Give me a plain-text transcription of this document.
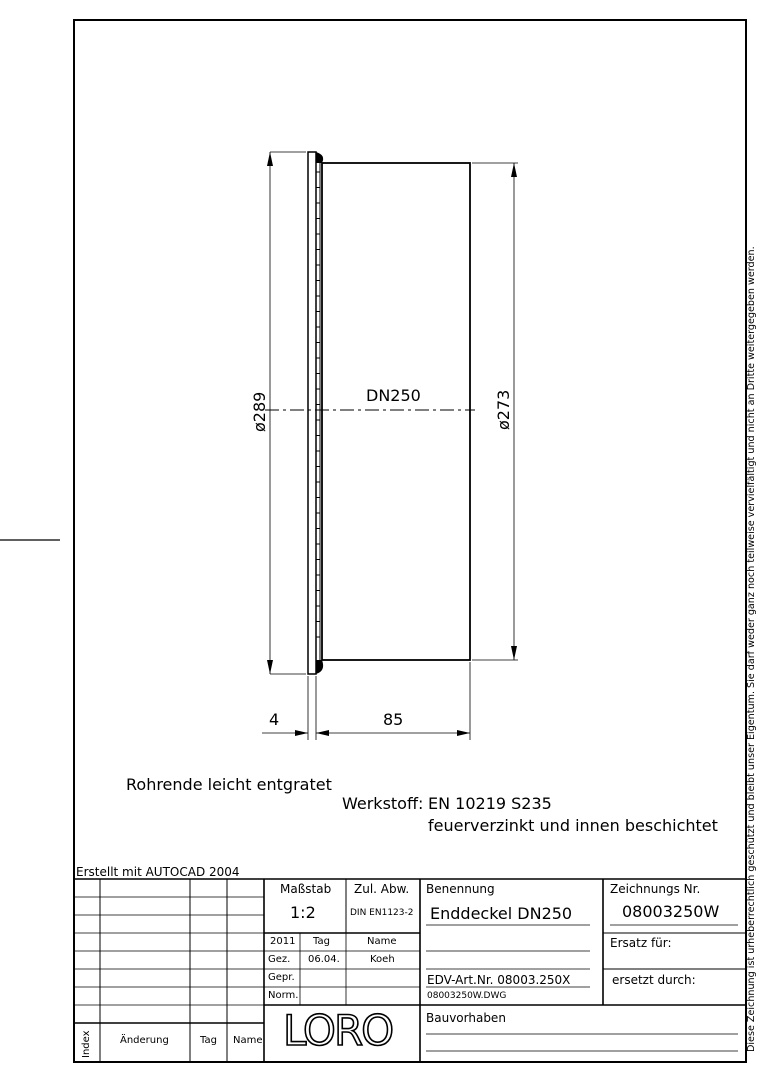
ø289	ø273
DN250
4	85
Rohrende leicht entgratet
Werkstoff: EN 10219 S235
feuerverzinkt und innen beschichtet
Erstellt mit AUTOCAD 2004	Diese Zeichnung ist urheberrechtlich geschützt und bleibt unser Eigentum. Sie darf weder ganz noch teilweise vervielfältigt und nicht an Dritte weitergegeben werden.
Maßstab
1:2
Zul. Abw.
DIN EN1123-2
Benennung
Enddeckel DN250
Zeichnungs Nr.
08003250W
2011 Tag	Name
Gez. 06.04.	Koeh
Gepr.
Norm.
Ersatz für:
ersetzt durch:
EDV-Art.Nr. 08003.250X
08003250W.DWG
Bauvorhaben
LORO
Index	Änderung	Tag Name
